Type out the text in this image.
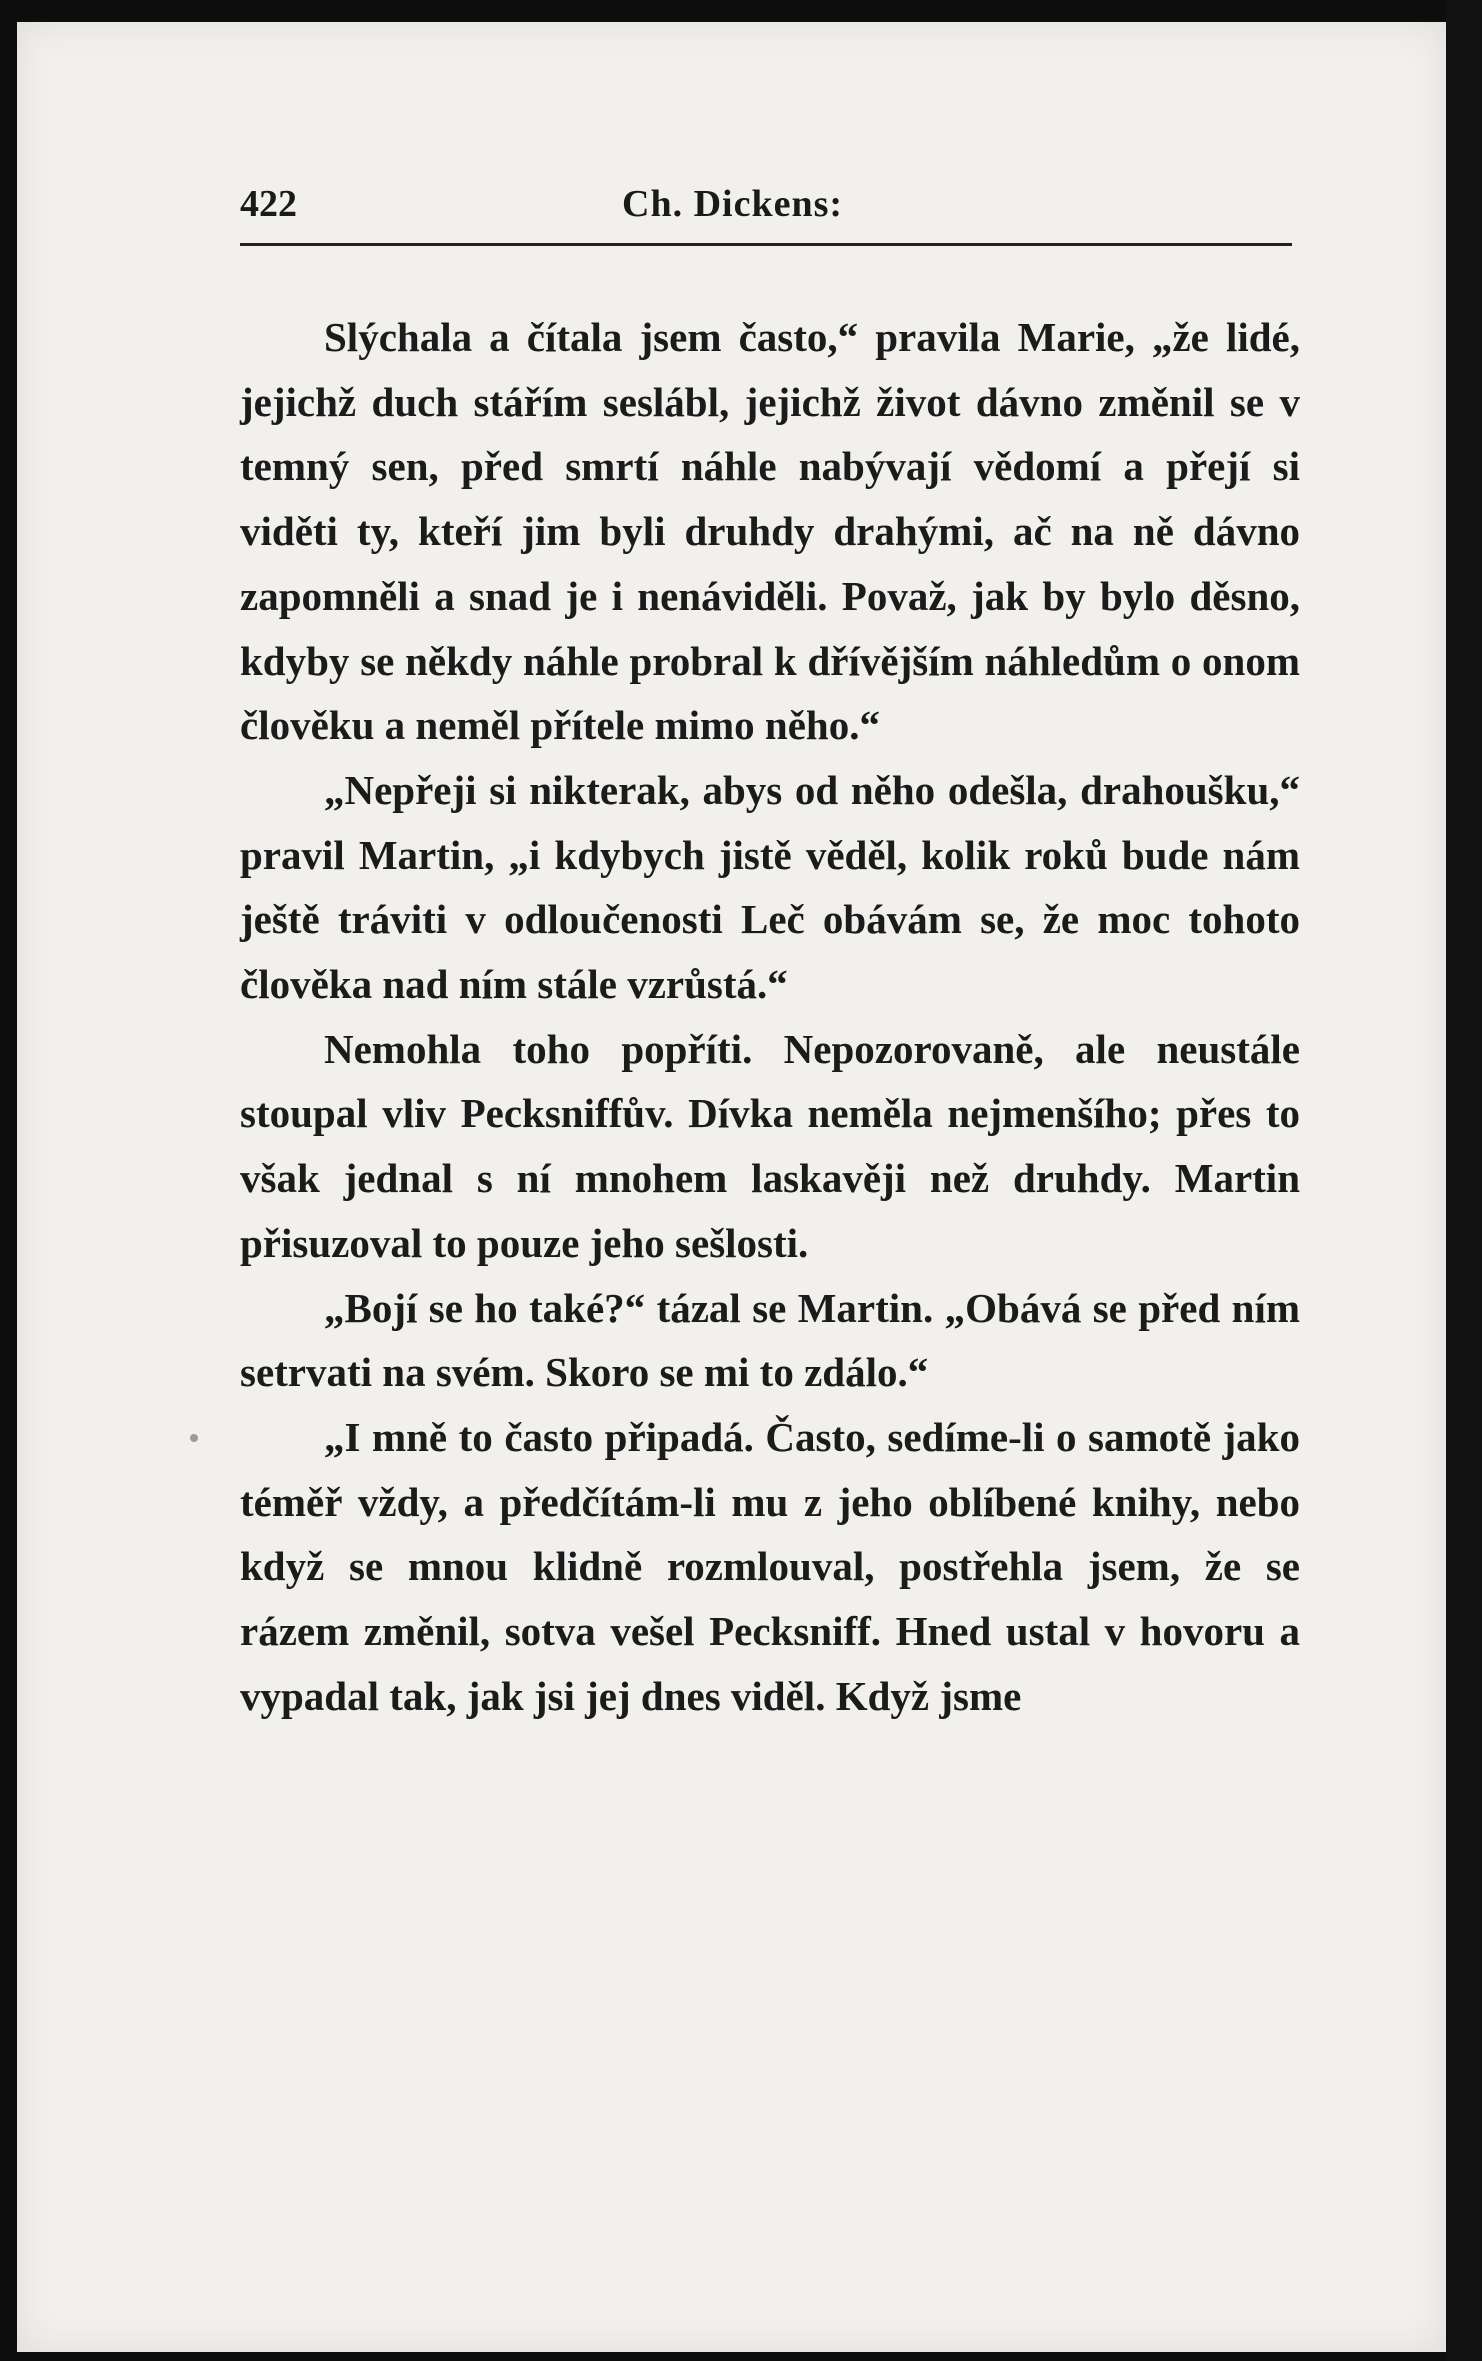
422	Ch. Dickens:

Slýchala a čítala jsem často,“ pravila Marie, „že lidé, jejichž duch stářím seslábl, jejichž život dávno změnil se v temný sen, před smrtí náhle nabývají vědomí a přejí si viděti ty, kteří jim byli druhdy drahými, ač na ně dávno zapomněli a snad je i nenáviděli. Považ, jak by bylo děsno, kdyby se někdy náhle probral k dřívějším náhledům o onom člověku a neměl přítele mimo něho.“

„Nepřeji si nikterak, abys od něho odešla, drahoušku,“ pravil Martin, „i kdybych jistě věděl, kolik roků bude nám ještě tráviti v odloučenosti Leč obávám se, že moc tohoto člověka nad ním stále vzrůstá.“

Nemohla toho popříti. Nepozorovaně, ale neustále stoupal vliv Pecksniffův. Dívka neměla nejmenšího; přes to však jednal s ní mnohem laskavěji než druhdy. Martin přisuzoval to pouze jeho sešlosti.

„Bojí se ho také?“ tázal se Martin. „Obává se před ním setrvati na svém. Skoro se mi to zdálo.“

„I mně to často připadá. Často, sedíme-li o samotě jako téměř vždy, a předčítám-li mu z jeho oblíbené knihy, nebo když se mnou klidně rozmlouval, postřehla jsem, že se rázem změnil, sotva vešel Pecksniff. Hned ustal v hovoru a vypadal tak, jak jsi jej dnes viděl. Když jsme
